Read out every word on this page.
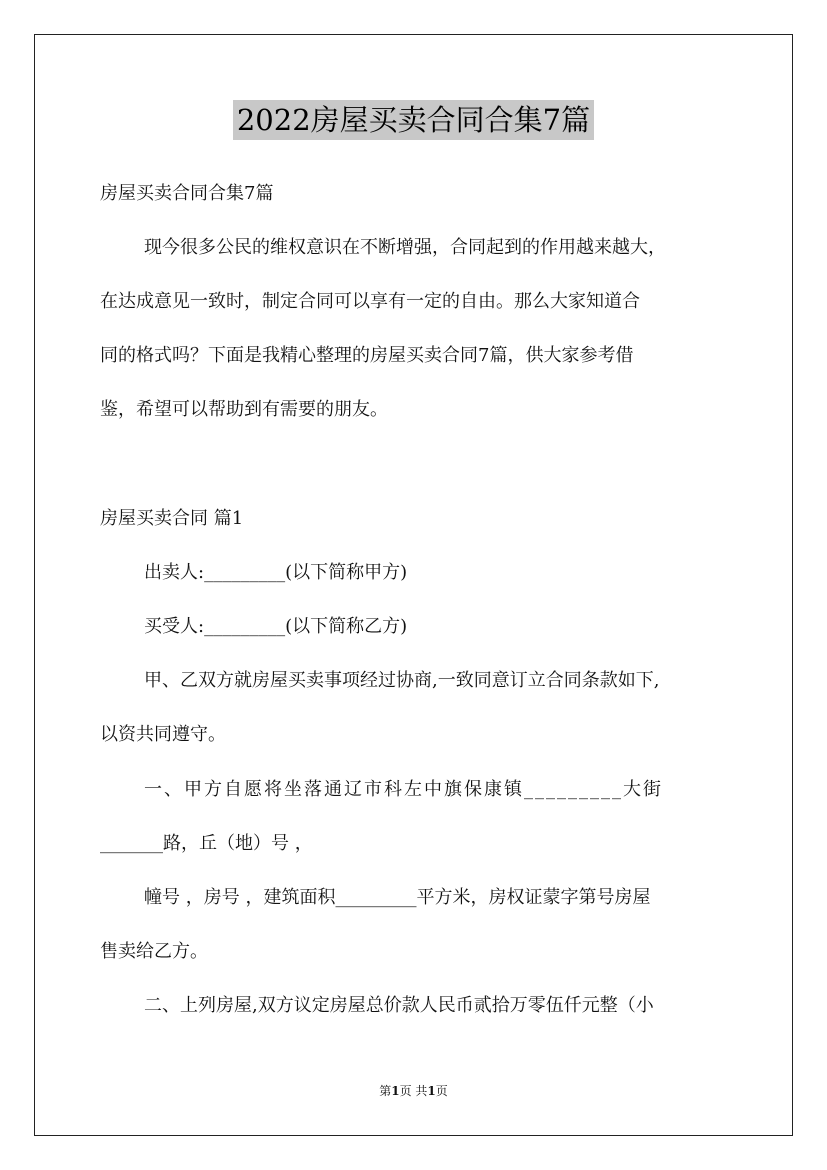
2022房屋买卖合同合集7篇
房屋买卖合同合集7篇
现今很多公民的维权意识在不断增强，合同起到的作用越来越大，
在达成意见一致时，制定合同可以享有一定的自由。那么大家知道合
同的格式吗？下面是我精心整理的房屋买卖合同7篇，供大家参考借
鉴，希望可以帮助到有需要的朋友。
房屋买卖合同 篇1
出卖人:_________(以下简称甲方)
买受人:_________(以下简称乙方)
甲、乙双方就房屋买卖事项经过协商,一致同意订立合同条款如下,
以资共同遵守。
一、甲方自愿将坐落通辽市科左中旗保康镇_________大街
_______路，丘（地）号 ，
幢号 ，房号 ，建筑面积_________平方米，房权证蒙字第号房屋
售卖给乙方。
二、上列房屋,双方议定房屋总价款人民币贰拾万零伍仟元整（小
第1页 共1页
